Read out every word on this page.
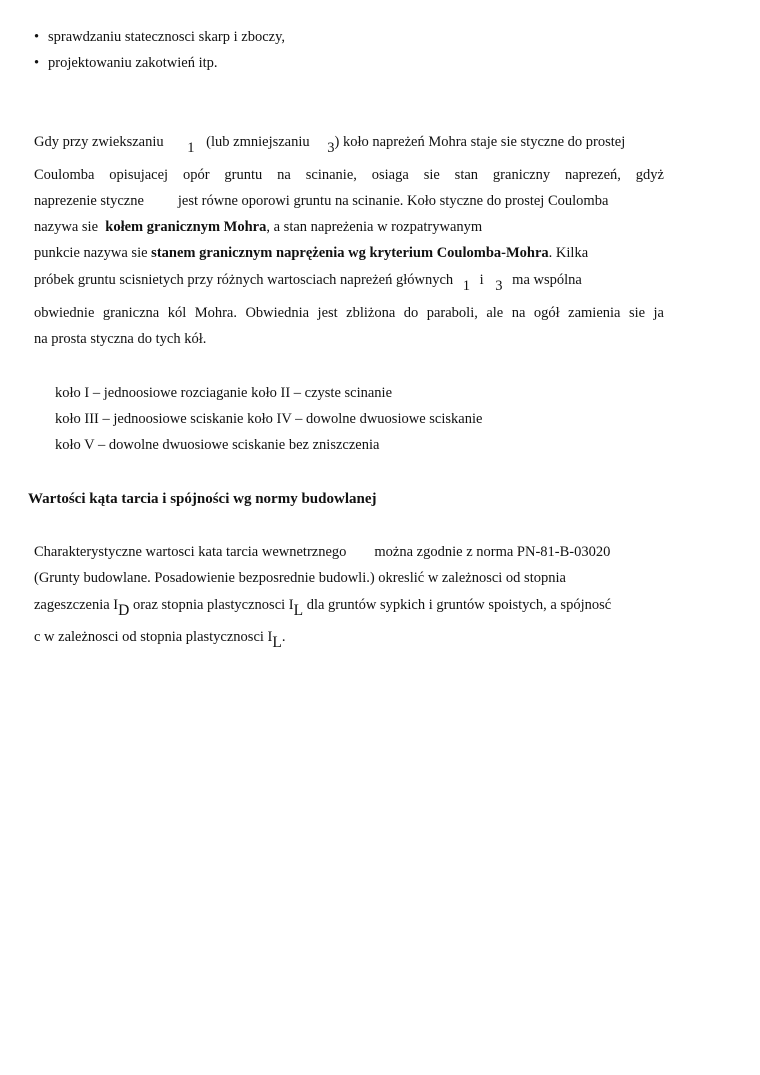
• sprawdzaniu statecznosci skarp i zboczy,
• projektowaniu zakotwień itp.
Gdy przy zwiekszaniu 1 (lub zmniejszaniu 3) koło napreżeń Mohra staje sie styczne do prostej
Coulomba opisujacej opór gruntu na scinanie, osiaga sie stan graniczny naprezeń, gdyż
naprezenie styczne jest równe oporowi gruntu na scinanie. Koło styczne do prostej Coulomba
nazywa sie kołem granicznym Mohra, a stan napreżenia w rozpatrywanym
punkcie nazywa sie stanem granicznym naprężenia wg kryterium Coulomba-Mohra. Kilka
próbek gruntu scisnietych przy różnych wartosciach napreżeń głównych 1 i 3 ma wspólna
obwiednie graniczna kól Mohra. Obwiednia jest zbliżona do paraboli, ale na ogół zamienia sie ja
na prosta styczna do tych kół.
koło I – jednoosiowe rozciaganie koło II – czyste scinanie
koło III – jednoosiowe sciskanie koło IV – dowolne dwuosiowe sciskanie
koło V – dowolne dwuosiowe sciskanie bez zniszczenia
Wartości kąta tarcia i spójności wg normy budowlanej
Charakterystyczne wartosci kata tarcia wewnetrznego można zgodnie z norma PN-81-B-03020
(Grunty budowlane. Posadowienie bezposrednie budowli.) okreslić w zależnosci od stopnia
zageszczenia ID oraz stopnia plastycznosci IL dla gruntów sypkich i gruntów spoistych, a spójnosć
c w zależnosci od stopnia plastycznosci IL.
